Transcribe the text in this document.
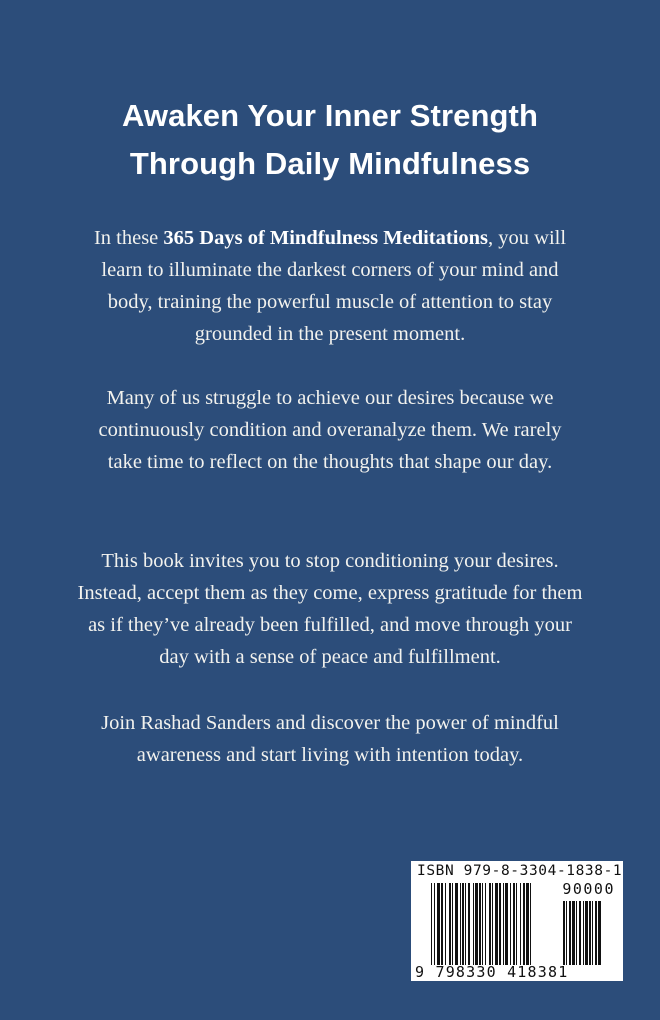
Awaken Your Inner Strength
Through Daily Mindfulness
In these 365 Days of Mindfulness Meditations, you will learn to illuminate the darkest corners of your mind and body, training the powerful muscle of attention to stay grounded in the present moment.
Many of us struggle to achieve our desires because we continuously condition and overanalyze them. We rarely take time to reflect on the thoughts that shape our day.
This book invites you to stop conditioning your desires. Instead, accept them as they come, express gratitude for them as if they’ve already been fulfilled, and move through your day with a sense of peace and fulfillment.
Join Rashad Sanders and discover the power of mindful awareness and start living with intention today.
ISBN 979-8-3304-1838-1
90000
9 798330 418381
